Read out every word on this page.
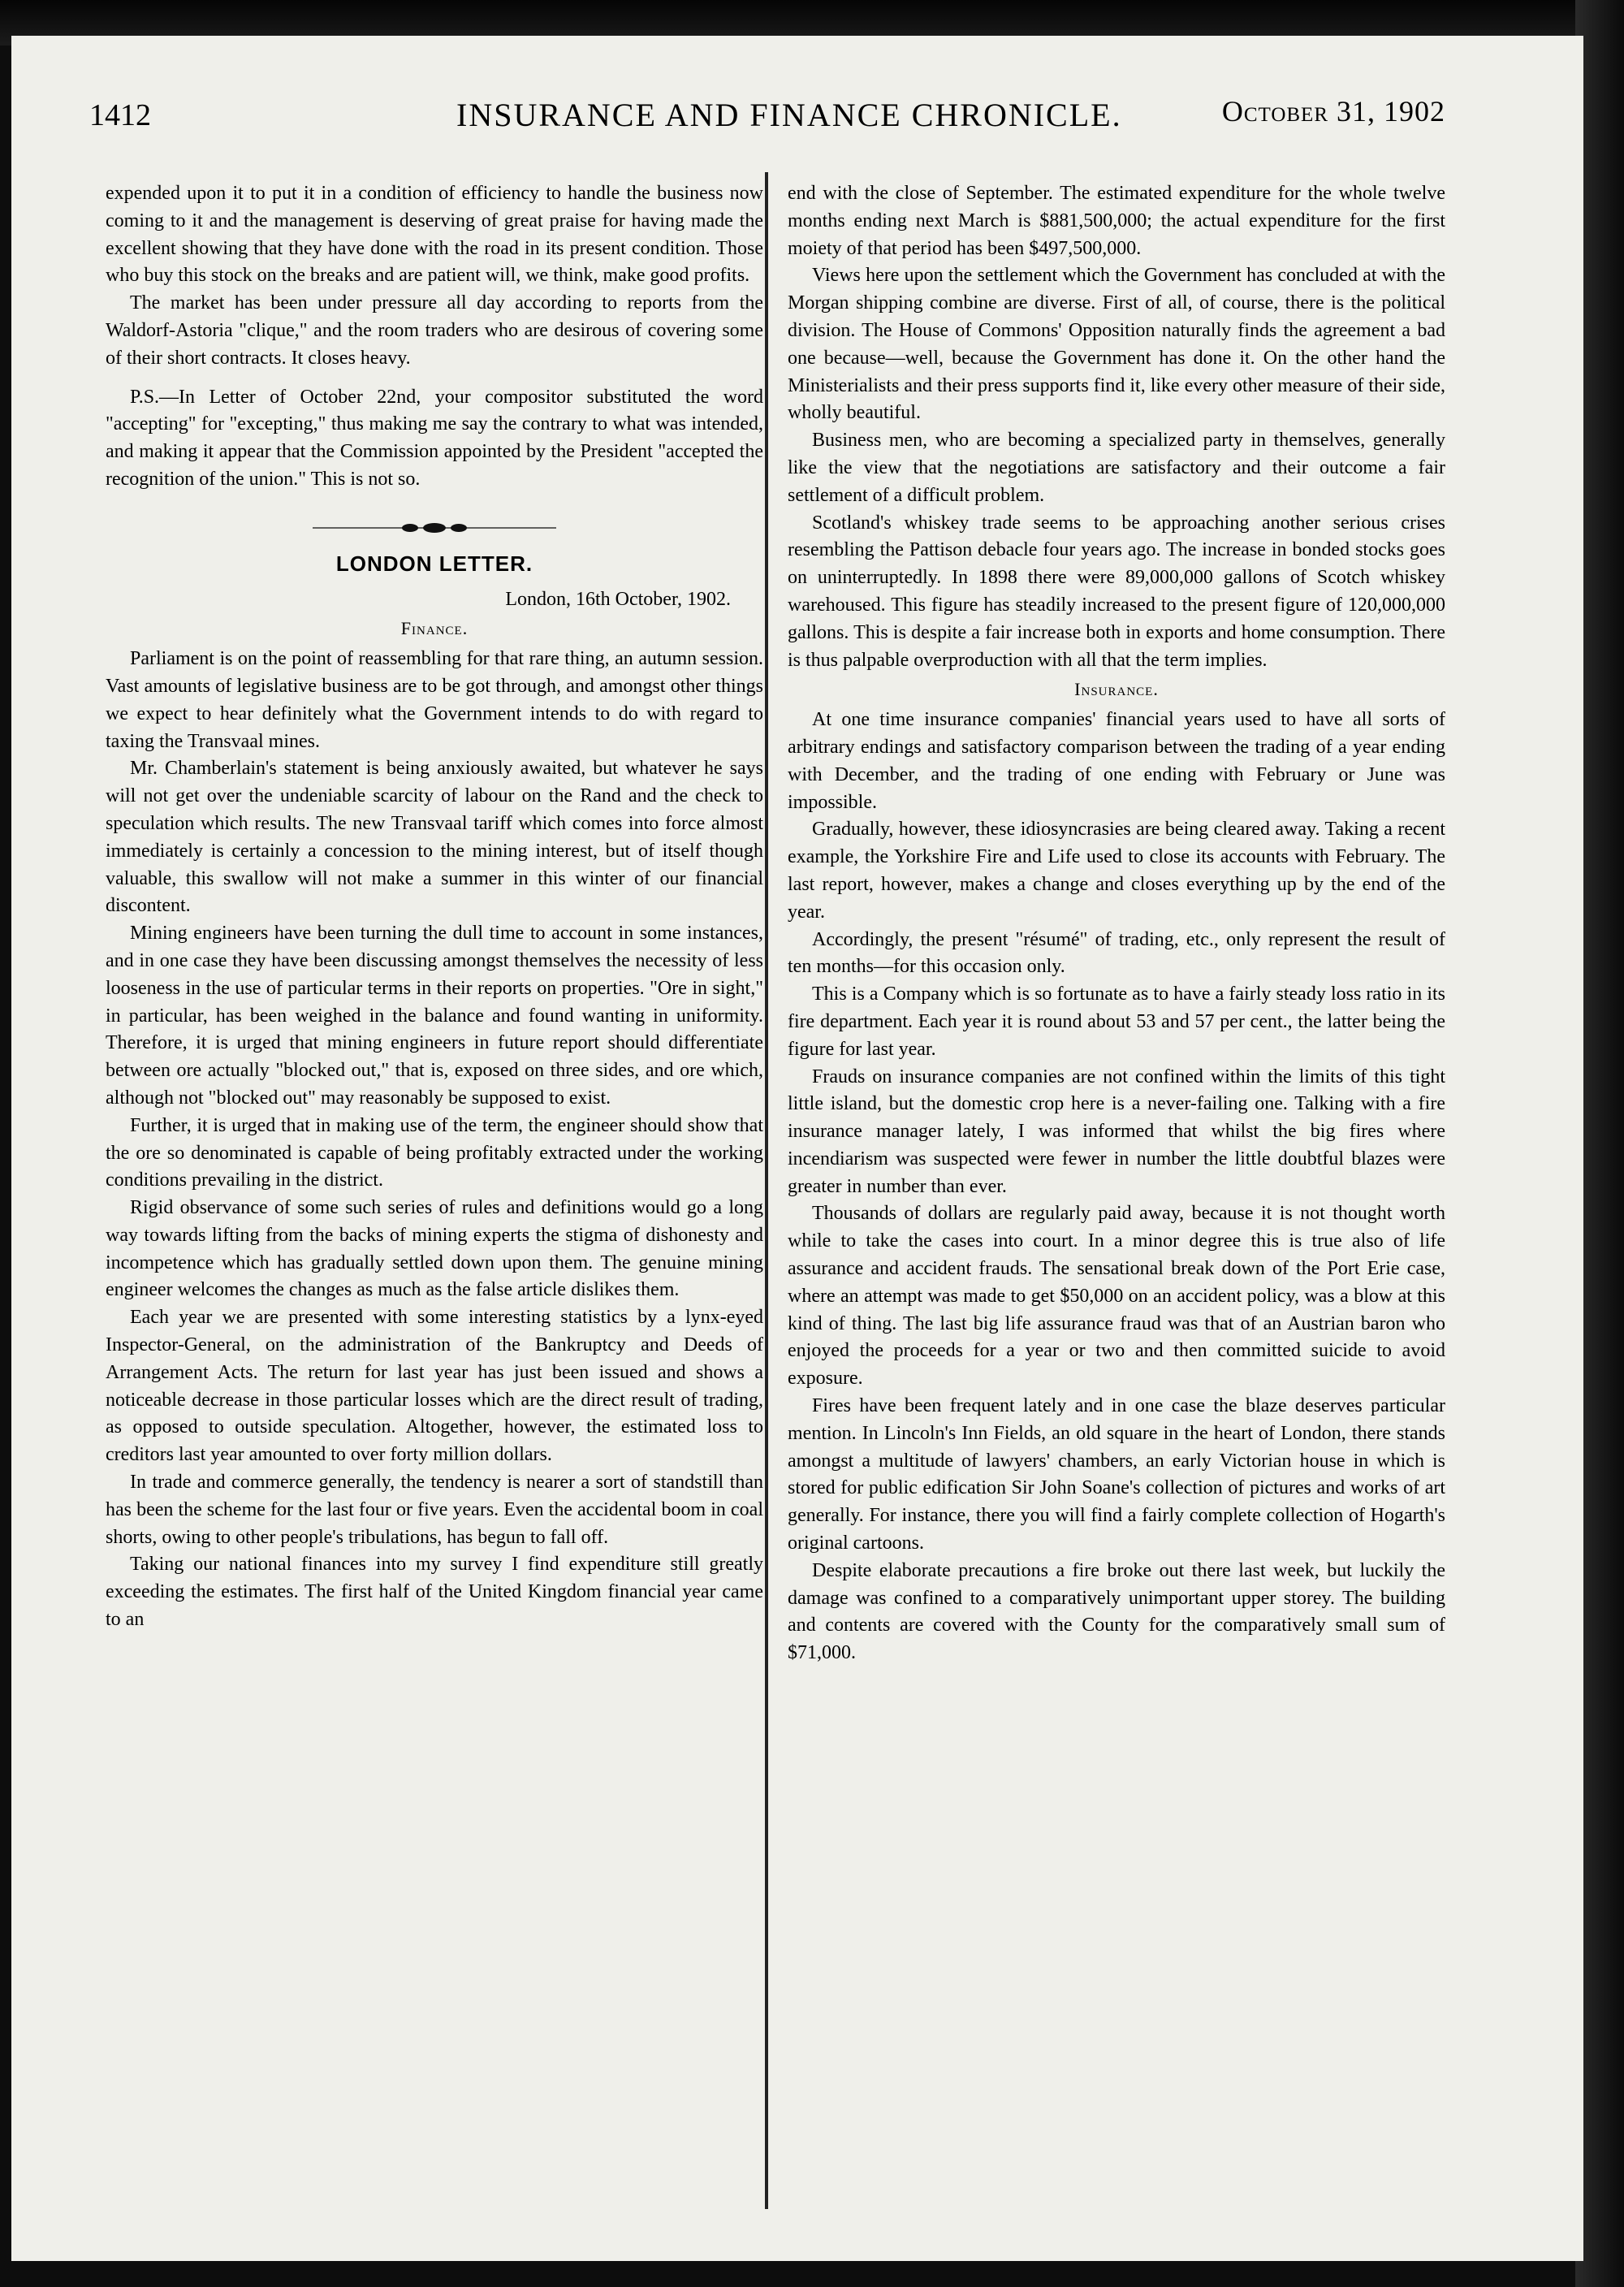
1412	INSURANCE AND FINANCE CHRONICLE.	October 31, 1902

expended upon it to put it in a condition of efficiency to handle the business now coming to it and the management is deserving of great praise for having made the excellent showing that they have done with the road in its present condition. Those who buy this stock on the breaks and are patient will, we think, make good profits.

The market has been under pressure all day according to reports from the Waldorf-Astoria "clique," and the room traders who are desirous of covering some of their short contracts. It closes heavy.

P.S.—In Letter of October 22nd, your compositor substituted the word "accepting" for "excepting," thus making me say the contrary to what was intended, and making it appear that the Commission appointed by the President "accepted the recognition of the union." This is not so.

LONDON LETTER.

London, 16th October, 1902.

Finance.

Parliament is on the point of reassembling for that rare thing, an autumn session. Vast amounts of legislative business are to be got through, and amongst other things we expect to hear definitely what the Government intends to do with regard to taxing the Transvaal mines.

Mr. Chamberlain's statement is being anxiously awaited, but whatever he says will not get over the undeniable scarcity of labour on the Rand and the check to speculation which results. The new Transvaal tariff which comes into force almost immediately is certainly a concession to the mining interest, but of itself though valuable, this swallow will not make a summer in this winter of our financial discontent.

Mining engineers have been turning the dull time to account in some instances, and in one case they have been discussing amongst themselves the necessity of less looseness in the use of particular terms in their reports on properties. "Ore in sight," in particular, has been weighed in the balance and found wanting in uniformity. Therefore, it is urged that mining engineers in future report should differentiate between ore actually "blocked out," that is, exposed on three sides, and ore which, although not "blocked out" may reasonably be supposed to exist.

Further, it is urged that in making use of the term, the engineer should show that the ore so denominated is capable of being profitably extracted under the working conditions prevailing in the district.

Rigid observance of some such series of rules and definitions would go a long way towards lifting from the backs of mining experts the stigma of dishonesty and incompetence which has gradually settled down upon them. The genuine mining engineer welcomes the changes as much as the false article dislikes them.

Each year we are presented with some interesting statistics by a lynx-eyed Inspector-General, on the administration of the Bankruptcy and Deeds of Arrangement Acts. The return for last year has just been issued and shows a noticeable decrease in those particular losses which are the direct result of trading, as opposed to outside speculation. Altogether, however, the estimated loss to creditors last year amounted to over forty million dollars.

In trade and commerce generally, the tendency is nearer a sort of standstill than has been the scheme for the last four or five years. Even the accidental boom in coal shorts, owing to other people's tribulations, has begun to fall off.

Taking our national finances into my survey I find expenditure still greatly exceeding the estimates. The first half of the United Kingdom financial year came to an

end with the close of September. The estimated expenditure for the whole twelve months ending next March is $881,500,000; the actual expenditure for the first moiety of that period has been $497,500,000.

Views here upon the settlement which the Government has concluded at with the Morgan shipping combine are diverse. First of all, of course, there is the political division. The House of Commons' Opposition naturally finds the agreement a bad one because—well, because the Government has done it. On the other hand the Ministerialists and their press supports find it, like every other measure of their side, wholly beautiful.

Business men, who are becoming a specialized party in themselves, generally like the view that the negotiations are satisfactory and their outcome a fair settlement of a difficult problem.

Scotland's whiskey trade seems to be approaching another serious crises resembling the Pattison debacle four years ago. The increase in bonded stocks goes on uninterruptedly. In 1898 there were 89,000,000 gallons of Scotch whiskey warehoused. This figure has steadily increased to the present figure of 120,000,000 gallons. This is despite a fair increase both in exports and home consumption. There is thus palpable overproduction with all that the term implies.

Insurance.

At one time insurance companies' financial years used to have all sorts of arbitrary endings and satisfactory comparison between the trading of a year ending with December, and the trading of one ending with February or June was impossible.

Gradually, however, these idiosyncrasies are being cleared away. Taking a recent example, the Yorkshire Fire and Life used to close its accounts with February. The last report, however, makes a change and closes everything up by the end of the year.

Accordingly, the present "résumé" of trading, etc., only represent the result of ten months—for this occasion only.

This is a Company which is so fortunate as to have a fairly steady loss ratio in its fire department. Each year it is round about 53 and 57 per cent., the latter being the figure for last year.

Frauds on insurance companies are not confined within the limits of this tight little island, but the domestic crop here is a never-failing one. Talking with a fire insurance manager lately, I was informed that whilst the big fires where incendiarism was suspected were fewer in number the little doubtful blazes were greater in number than ever.

Thousands of dollars are regularly paid away, because it is not thought worth while to take the cases into court. In a minor degree this is true also of life assurance and accident frauds. The sensational break down of the Port Erie case, where an attempt was made to get $50,000 on an accident policy, was a blow at this kind of thing. The last big life assurance fraud was that of an Austrian baron who enjoyed the proceeds for a year or two and then committed suicide to avoid exposure.

Fires have been frequent lately and in one case the blaze deserves particular mention. In Lincoln's Inn Fields, an old square in the heart of London, there stands amongst a multitude of lawyers' chambers, an early Victorian house in which is stored for public edification Sir John Soane's collection of pictures and works of art generally. For instance, there you will find a fairly complete collection of Hogarth's original cartoons.

Despite elaborate precautions a fire broke out there last week, but luckily the damage was confined to a comparatively unimportant upper storey. The building and contents are covered with the County for the comparatively small sum of $71,000.
